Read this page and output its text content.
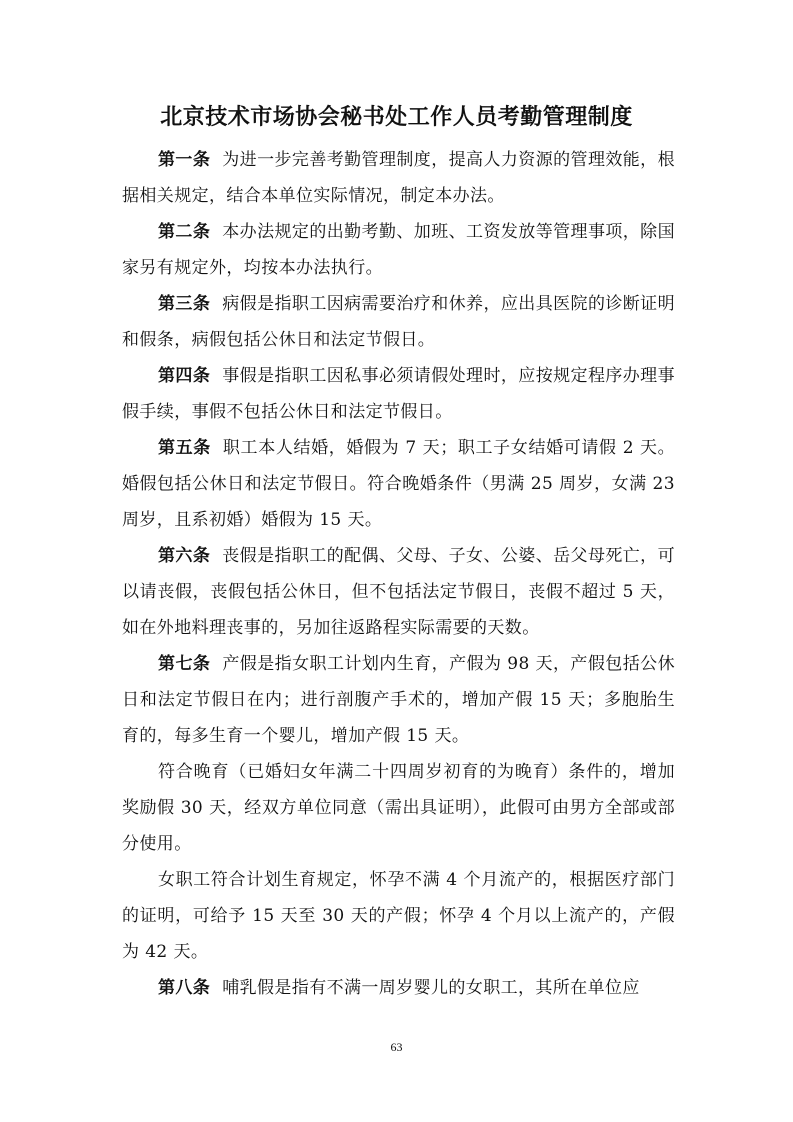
北京技术市场协会秘书处工作人员考勤管理制度

第一条 为进一步完善考勤管理制度，提高人力资源的管理效能，根据相关规定，结合本单位实际情况，制定本办法。

第二条 本办法规定的出勤考勤、加班、工资发放等管理事项，除国家另有规定外，均按本办法执行。

第三条 病假是指职工因病需要治疗和休养，应出具医院的诊断证明和假条，病假包括公休日和法定节假日。

第四条 事假是指职工因私事必须请假处理时，应按规定程序办理事假手续，事假不包括公休日和法定节假日。

第五条 职工本人结婚，婚假为 7 天；职工子女结婚可请假 2 天。婚假包括公休日和法定节假日。符合晚婚条件（男满 25 周岁，女满 23 周岁，且系初婚）婚假为 15 天。

第六条 丧假是指职工的配偶、父母、子女、公婆、岳父母死亡，可以请丧假，丧假包括公休日，但不包括法定节假日，丧假不超过 5 天，如在外地料理丧事的，另加往返路程实际需要的天数。

第七条 产假是指女职工计划内生育，产假为 98 天，产假包括公休日和法定节假日在内；进行剖腹产手术的，增加产假 15 天；多胞胎生育的，每多生育一个婴儿，增加产假 15 天。

符合晚育（已婚妇女年满二十四周岁初育的为晚育）条件的，增加奖励假 30 天，经双方单位同意（需出具证明），此假可由男方全部或部分使用。

女职工符合计划生育规定，怀孕不满 4 个月流产的，根据医疗部门的证明，可给予 15 天至 30 天的产假；怀孕 4 个月以上流产的，产假为 42 天。

第八条 哺乳假是指有不满一周岁婴儿的女职工，其所在单位应

63
